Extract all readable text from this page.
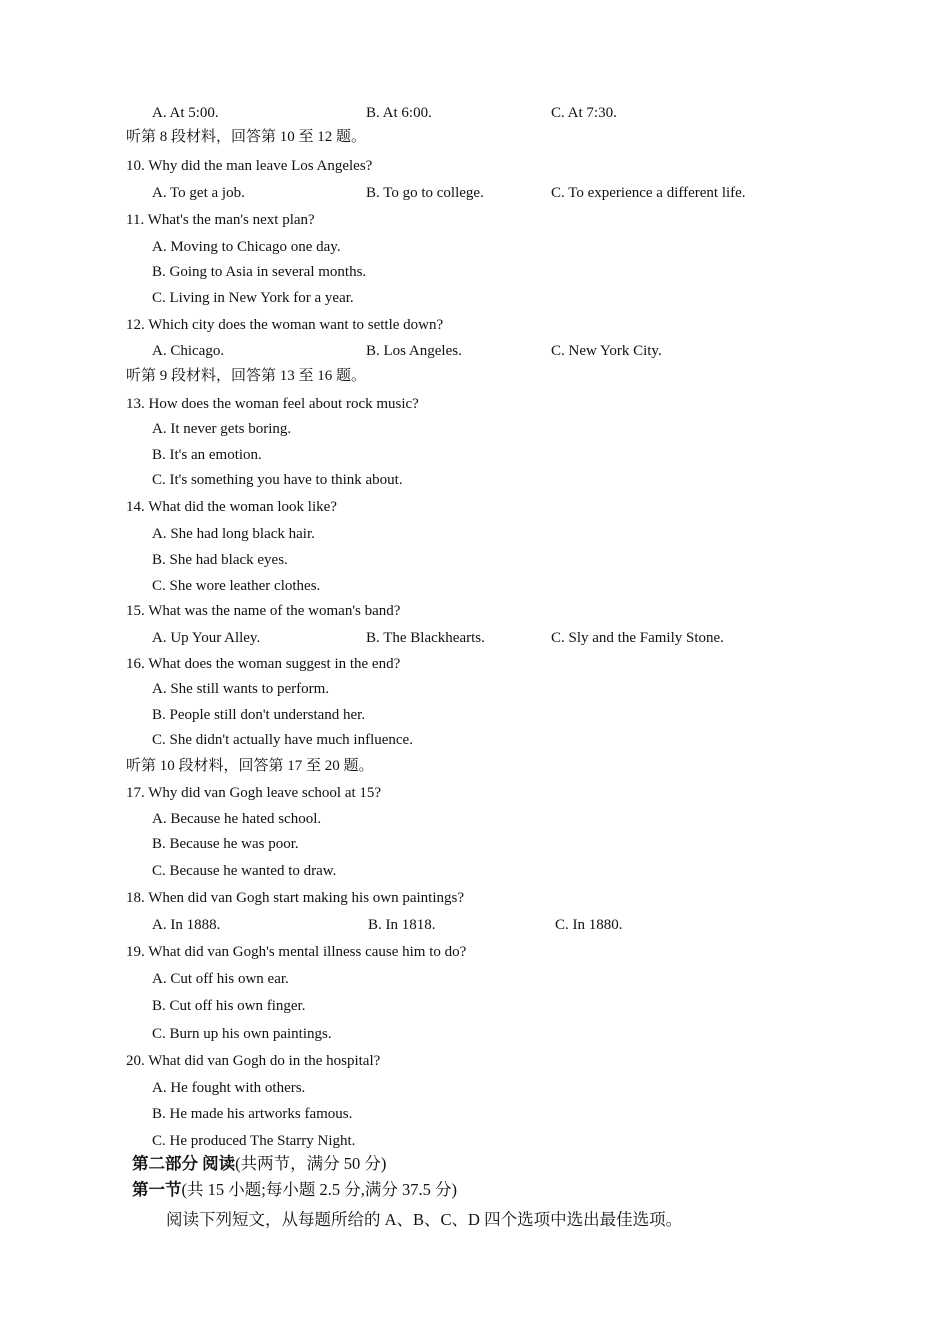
A. At 5:00.	B. At 6:00.	C. At 7:30.
听第 8 段材料，回答第 10 至 12 题。
10. Why did the man leave Los Angeles?
A. To get a job.	B. To go to college.	C. To experience a different life.
11. What's the man's next plan?
A. Moving to Chicago one day.
B. Going to Asia in several months.
C. Living in New York for a year.
12. Which city does the woman want to settle down?
A. Chicago.	B. Los Angeles.	C. New York City.
听第 9 段材料，回答第 13 至 16 题。
13. How does the woman feel about rock music?
A. It never gets boring.
B. It's an emotion.
C. It's something you have to think about.
14. What did the woman look like?
A. She had long black hair.
B. She had black eyes.
C. She wore leather clothes.
15. What was the name of the woman's band?
A. Up Your Alley.	B. The Blackhearts.	C. Sly and the Family Stone.
16. What does the woman suggest in the end?
A. She still wants to perform.
B. People still don't understand her.
C. She didn't actually have much influence.
听第 10 段材料，回答第 17 至 20 题。
17. Why did van Gogh leave school at 15?
A. Because he hated school.
B. Because he was poor.
C. Because he wanted to draw.
18. When did van Gogh start making his own paintings?
A. In 1888.	B. In 1818.	C. In 1880.
19. What did van Gogh's mental illness cause him to do?
A. Cut off his own ear.
B. Cut off his own finger.
C. Burn up his own paintings.
20. What did van Gogh do in the hospital?
A. He fought with others.
B. He made his artworks famous.
C. He produced The Starry Night.
第二部分 阅读(共两节，满分 50 分)
第一节(共 15 小题;每小题 2.5 分,满分 37.5 分)
阅读下列短文，从每题所给的 A、B、C、D 四个选项中选出最佳选项。
